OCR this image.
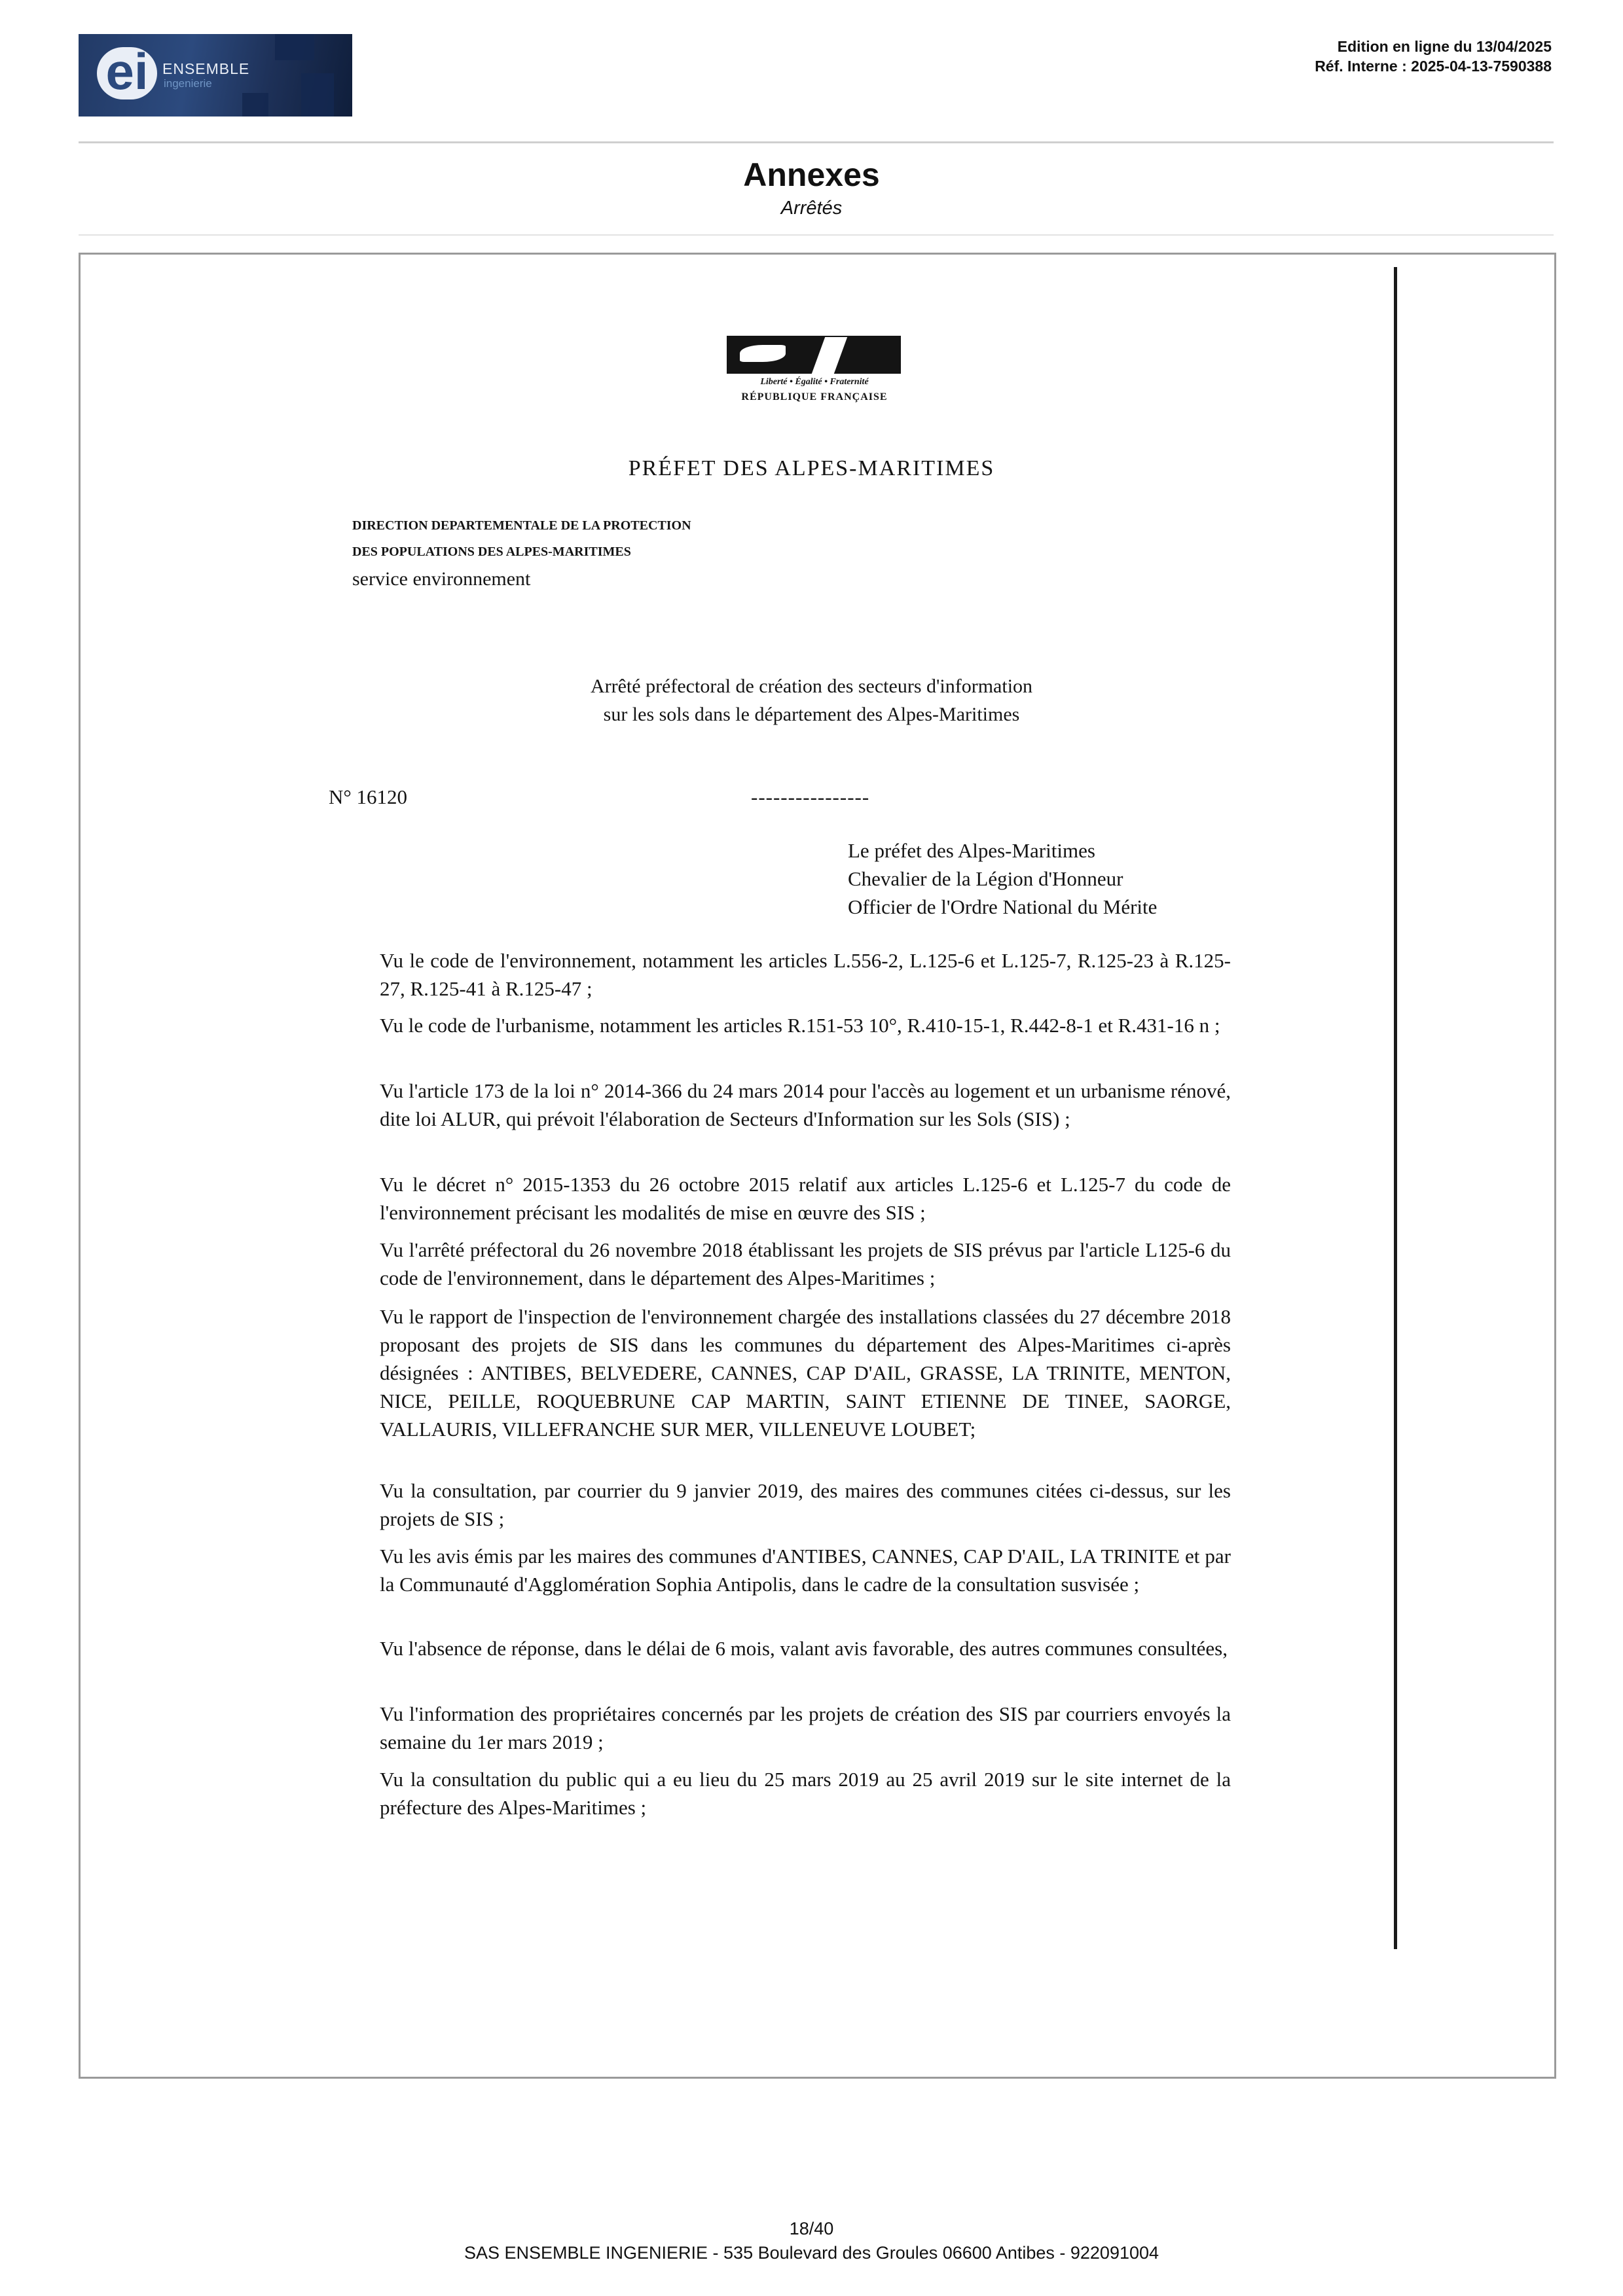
ei ENSEMBLE
ingenierie
Edition en ligne du 13/04/2025
Réf. Interne : 2025-04-13-7590388
Annexes
Arrêtés
Liberté • Égalité • Fraternité
RÉPUBLIQUE FRANÇAISE
PRÉFET DES ALPES-MARITIMES
DIRECTION DEPARTEMENTALE DE LA PROTECTION
DES POPULATIONS DES ALPES-MARITIMES
service environnement
Arrêté préfectoral de création des secteurs d'information
sur les sols dans le département des Alpes-Maritimes
N° 16120	----------------
Le préfet des Alpes-Maritimes
Chevalier de la Légion d'Honneur
Officier de l'Ordre National du Mérite
Vu le code de l'environnement, notamment les articles L.556-2, L.125-6 et L.125-7, R.125-23 à R.125-27, R.125-41 à R.125-47 ;
Vu le code de l'urbanisme, notamment les articles R.151-53 10°, R.410-15-1, R.442-8-1 et R.431-16 n ;
Vu l'article 173 de la loi n° 2014-366 du 24 mars 2014 pour l'accès au logement et un urbanisme rénové, dite loi ALUR, qui prévoit l'élaboration de Secteurs d'Information sur les Sols (SIS) ;
Vu le décret n° 2015-1353 du 26 octobre 2015 relatif aux articles L.125-6 et L.125-7 du code de l'environnement précisant les modalités de mise en œuvre des SIS ;
Vu l'arrêté préfectoral du 26 novembre 2018 établissant les projets de SIS prévus par l'article L125-6 du code de l'environnement, dans le département des Alpes-Maritimes ;
Vu le rapport de l'inspection de l'environnement chargée des installations classées du 27 décembre 2018 proposant des projets de SIS dans les communes du département des Alpes-Maritimes ci-après désignées : ANTIBES, BELVEDERE, CANNES, CAP D'AIL, GRASSE, LA TRINITE, MENTON, NICE, PEILLE, ROQUEBRUNE CAP MARTIN, SAINT ETIENNE DE TINEE, SAORGE, VALLAURIS, VILLEFRANCHE SUR MER, VILLENEUVE LOUBET;
Vu la consultation, par courrier du 9 janvier 2019, des maires des communes citées ci-dessus, sur les projets de SIS ;
Vu les avis émis par les maires des communes d'ANTIBES, CANNES, CAP D'AIL, LA TRINITE et par la Communauté d'Agglomération Sophia Antipolis, dans le cadre de la consultation susvisée ;
Vu l'absence de réponse, dans le délai de 6 mois, valant avis favorable, des autres communes consultées,
Vu l'information des propriétaires concernés par les projets de création des SIS par courriers envoyés la semaine du 1er mars 2019 ;
Vu la consultation du public qui a eu lieu du 25 mars 2019 au 25 avril 2019 sur le site internet de la préfecture des Alpes-Maritimes ;
18/40
SAS ENSEMBLE INGENIERIE - 535 Boulevard des Groules 06600 Antibes - 922091004
